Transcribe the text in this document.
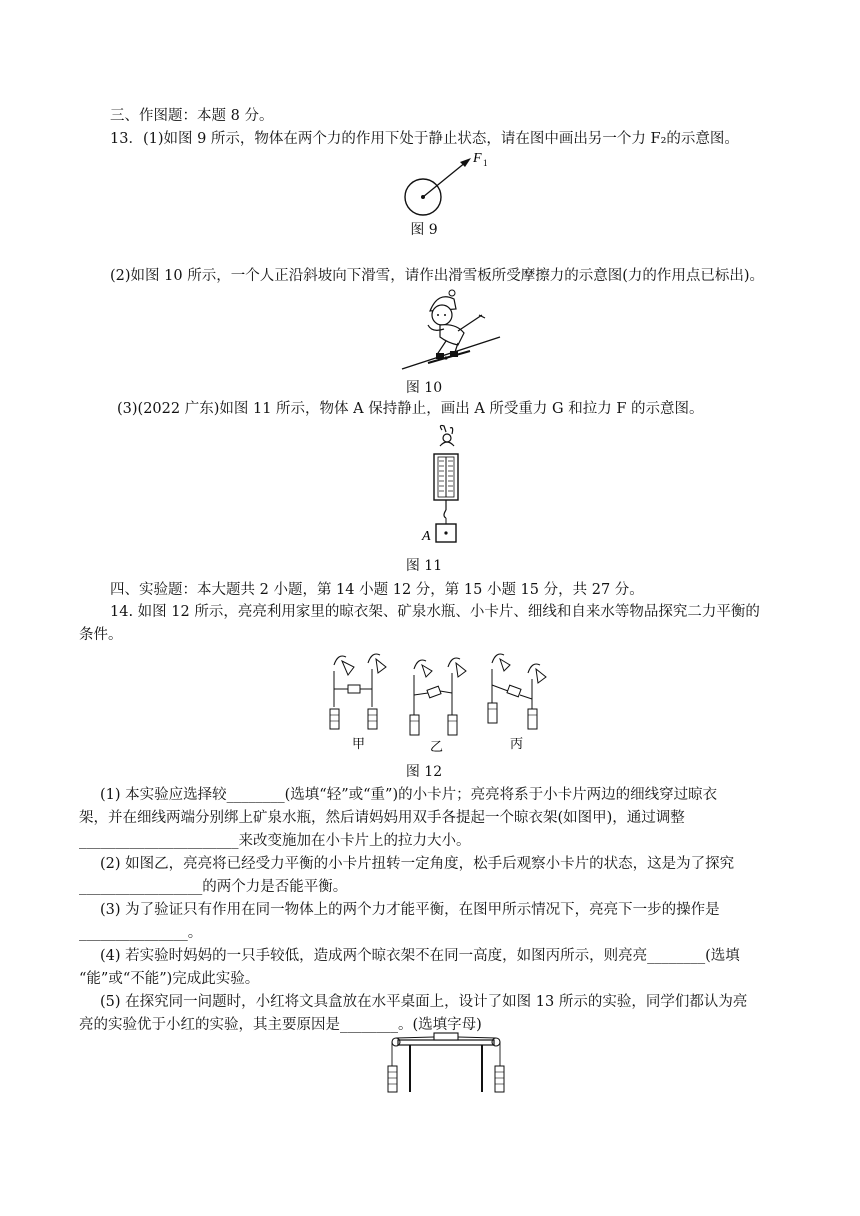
三、作图题：本题 8 分。
13．(1)如图 9 所示，物体在两个力的作用下处于静止状态，请在图中画出另一个力 F₂的示意图。
F 1
图 9
(2)如图 10 所示，一个人正沿斜坡向下滑雪，请作出滑雪板所受摩擦力的示意图(力的作用点已标出)。
图 10
(3)(2022 广东)如图 11 所示，物体 A 保持静止，画出 A 所受重力 G 和拉力 F 的示意图。
A
图 11
四、实验题：本大题共 2 小题，第 14 小题 12 分，第 15 小题 15 分，共 27 分。
14. 如图 12 所示，亮亮利用家里的晾衣架、矿泉水瓶、小卡片、细线和自来水等物品探究二力平衡的
条件。
甲	乙	丙
图 12
(1) 本实验应选择较________(选填“轻”或“重”)的小卡片；亮亮将系于小卡片两边的细线穿过晾衣
架，并在细线两端分别绑上矿泉水瓶，然后请妈妈用双手各提起一个晾衣架(如图甲)，通过调整
______________________来改变施加在小卡片上的拉力大小。
(2) 如图乙，亮亮将已经受力平衡的小卡片扭转一定角度，松手后观察小卡片的状态，这是为了探究
_________________的两个力是否能平衡。
(3) 为了验证只有作用在同一物体上的两个力才能平衡，在图甲所示情况下，亮亮下一步的操作是
_______________。
(4) 若实验时妈妈的一只手较低，造成两个晾衣架不在同一高度，如图丙所示，则亮亮________(选填
“能”或“不能”)完成此实验。
(5) 在探究同一问题时，小红将文具盒放在水平桌面上，设计了如图 13 所示的实验，同学们都认为亮
亮的实验优于小红的实验，其主要原因是________。(选填字母)
